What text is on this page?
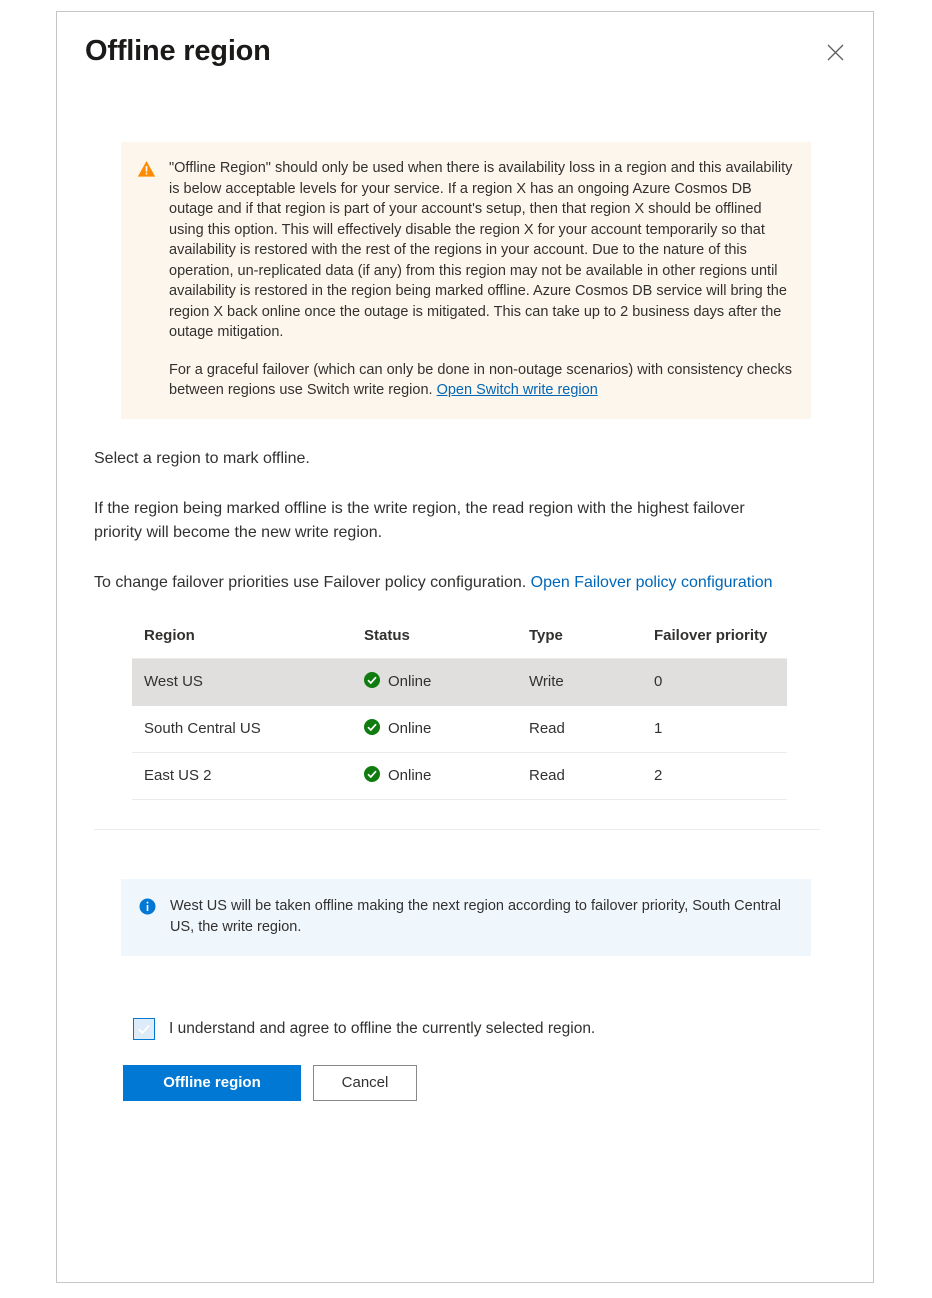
Offline region

"Offline Region" should only be used when there is availability loss in a region and this availability is below acceptable levels for your service. If a region X has an ongoing Azure Cosmos DB outage and if that region is part of your account's setup, then that region X should be offlined using this option. This will effectively disable the region X for your account temporarily so that availability is restored with the rest of the regions in your account. Due to the nature of this operation, un-replicated data (if any) from this region may not be available in other regions until availability is restored in the region being marked offline. Azure Cosmos DB service will bring the region X back online once the outage is mitigated. This can take up to 2 business days after the outage mitigation.

For a graceful failover (which can only be done in non-outage scenarios) with consistency checks between regions use Switch write region. Open Switch write region

Select a region to mark offline.

If the region being marked offline is the write region, the read region with the highest failover priority will become the new write region.

To change failover priorities use Failover policy configuration. Open Failover policy configuration

Region	Status	Type	Failover priority
West US	Online	Write	0
South Central US	Online	Read	1
East US 2	Online	Read	2
West US will be taken offline making the next region according to failover priority, South Central US, the write region.
I understand and agree to offline the currently selected region.
Offline region	Cancel
